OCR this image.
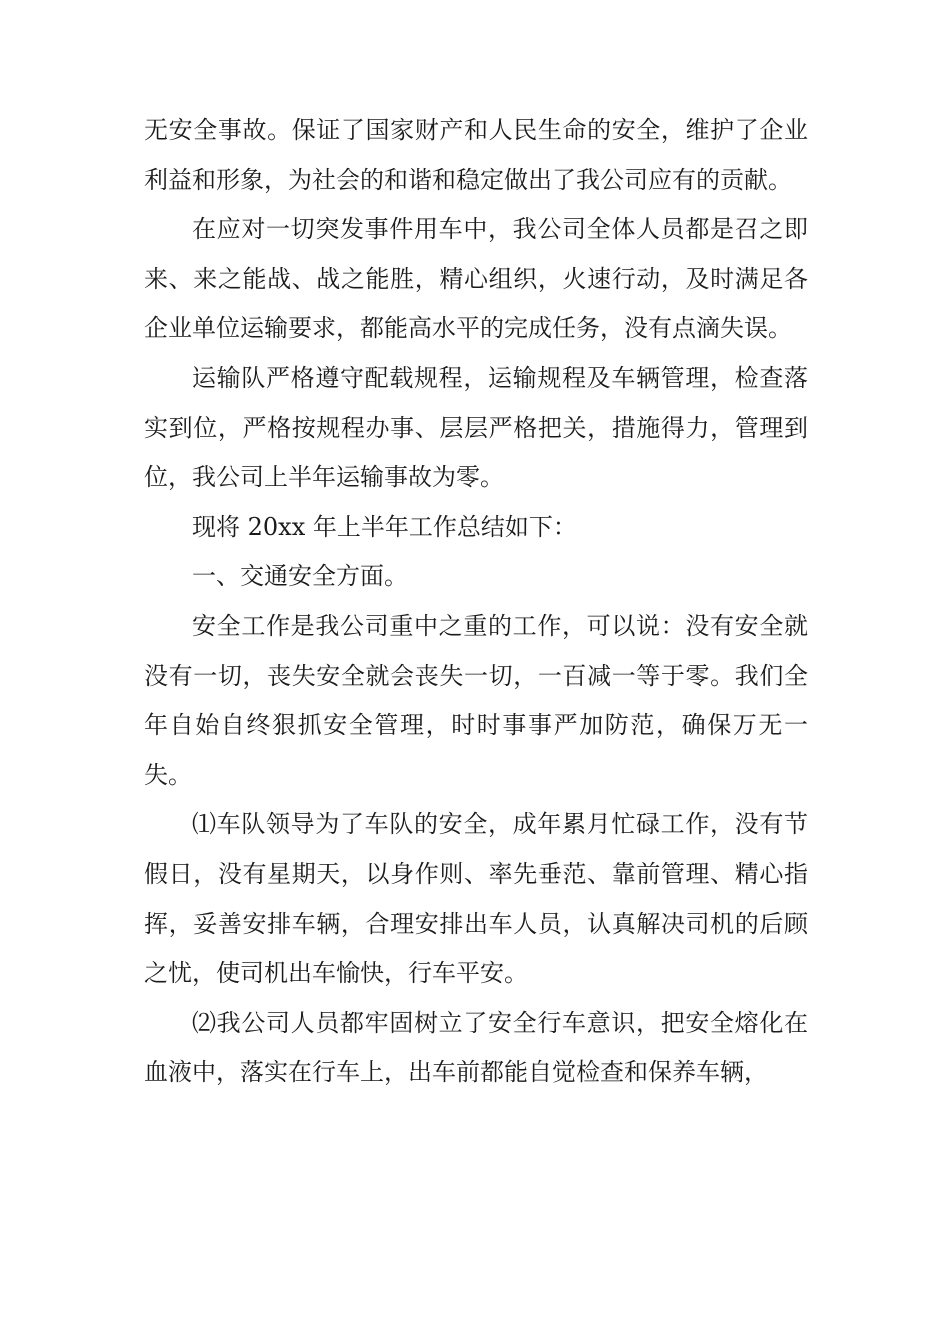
无安全事故。保证了国家财产和人民生命的安全，维护了企业利益和形象，为社会的和谐和稳定做出了我公司应有的贡献。

在应对一切突发事件用车中，我公司全体人员都是召之即来、来之能战、战之能胜，精心组织，火速行动，及时满足各企业单位运输要求，都能高水平的完成任务，没有点滴失误。

运输队严格遵守配载规程，运输规程及车辆管理，检查落实到位，严格按规程办事、层层严格把关，措施得力，管理到位，我公司上半年运输事故为零。

现将 20xx 年上半年工作总结如下：

一、交通安全方面。

安全工作是我公司重中之重的工作，可以说：没有安全就没有一切，丧失安全就会丧失一切，一百减一等于零。我们全年自始自终狠抓安全管理，时时事事严加防范，确保万无一失。

⑴车队领导为了车队的安全，成年累月忙碌工作，没有节假日，没有星期天，以身作则、率先垂范、靠前管理、精心指挥，妥善安排车辆，合理安排出车人员，认真解决司机的后顾之忧，使司机出车愉快，行车平安。

⑵我公司人员都牢固树立了安全行车意识，把安全熔化在血液中，落实在行车上，出车前都能自觉检查和保养车辆，
